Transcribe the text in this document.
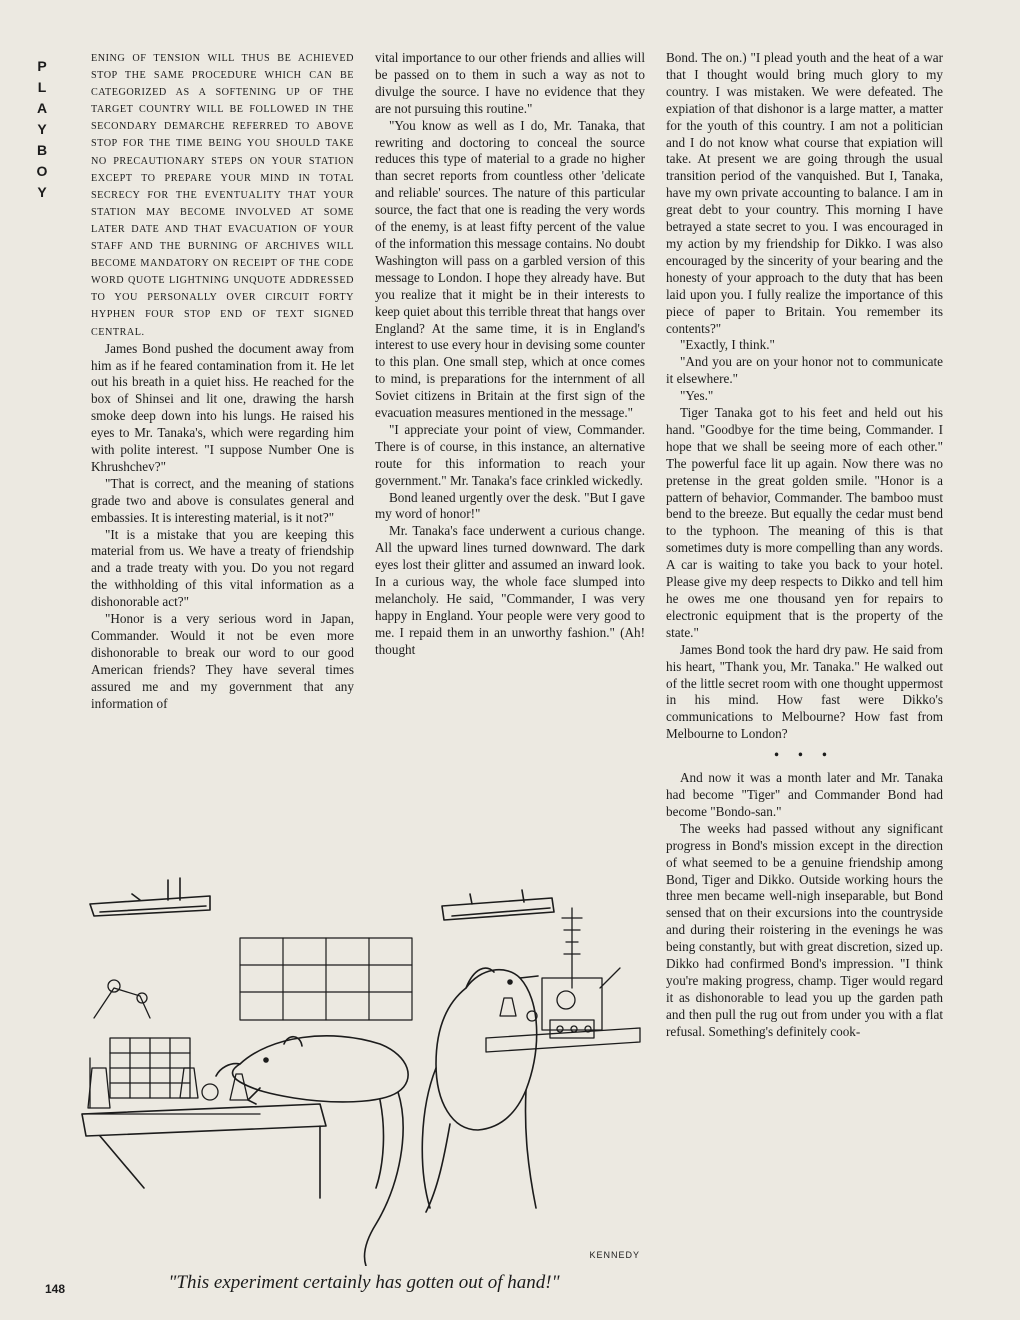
P
L
A
Y
B
O
Y

ENING OF TENSION WILL THUS BE ACHIEVED STOP THE SAME PROCEDURE WHICH CAN BE CATEGORIZED AS A SOFTENING UP OF THE TARGET COUNTRY WILL BE FOLLOWED IN THE SECONDARY DEMARCHE REFERRED TO ABOVE STOP FOR THE TIME BEING YOU SHOULD TAKE NO PRECAUTIONARY STEPS ON YOUR STATION EXCEPT TO PREPARE YOUR MIND IN TOTAL SECRECY FOR THE EVENTUALITY THAT YOUR STATION MAY BECOME INVOLVED AT SOME LATER DATE AND THAT EVACUATION OF YOUR STAFF AND THE BURNING OF ARCHIVES WILL BECOME MANDATORY ON RECEIPT OF THE CODE WORD QUOTE LIGHTNING UNQUOTE ADDRESSED TO YOU PERSONALLY OVER CIRCUIT FORTY HYPHEN FOUR STOP END OF TEXT SIGNED CENTRAL.

James Bond pushed the document away from him as if he feared contamination from it. He let out his breath in a quiet hiss. He reached for the box of Shinsei and lit one, drawing the harsh smoke deep down into his lungs. He raised his eyes to Mr. Tanaka's, which were regarding him with polite interest. "I suppose Number One is Khrushchev?"

"That is correct, and the meaning of stations grade two and above is consulates general and embassies. It is interesting material, is it not?"

"It is a mistake that you are keeping this material from us. We have a treaty of friendship and a trade treaty with you. Do you not regard the withholding of this vital information as a dishonorable act?"

"Honor is a very serious word in Japan, Commander. Would it not be even more dishonorable to break our word to our good American friends? They have several times assured me and my government that any information of

vital importance to our other friends and allies will be passed on to them in such a way as not to divulge the source. I have no evidence that they are not pursuing this routine."

"You know as well as I do, Mr. Tanaka, that rewriting and doctoring to conceal the source reduces this type of material to a grade no higher than secret reports from countless other 'delicate and reliable' sources. The nature of this particular source, the fact that one is reading the very words of the enemy, is at least fifty percent of the value of the information this message contains. No doubt Washington will pass on a garbled version of this message to London. I hope they already have. But you realize that it might be in their interests to keep quiet about this terrible threat that hangs over England? At the same time, it is in England's interest to use every hour in devising some counter to this plan. One small step, which at once comes to mind, is preparations for the internment of all Soviet citizens in Britain at the first sign of the evacuation measures mentioned in the message."

"I appreciate your point of view, Commander. There is of course, in this instance, an alternative route for this information to reach your government." Mr. Tanaka's face crinkled wickedly.

Bond leaned urgently over the desk. "But I gave my word of honor!"

Mr. Tanaka's face underwent a curious change. All the upward lines turned downward. The dark eyes lost their glitter and assumed an inward look. In a curious way, the whole face slumped into melancholy. He said, "Commander, I was very happy in England. Your people were very good to me. I repaid them in an unworthy fashion." (Ah! thought

Bond. The on.) "I plead youth and the heat of a war that I thought would bring much glory to my country. I was mistaken. We were defeated. The expiation of that dishonor is a large matter, a matter for the youth of this country. I am not a politician and I do not know what course that expiation will take. At present we are going through the usual transition period of the vanquished. But I, Tanaka, have my own private accounting to balance. I am in great debt to your country. This morning I have betrayed a state secret to you. I was encouraged in my action by my friendship for Dikko. I was also encouraged by the sincerity of your bearing and the honesty of your approach to the duty that has been laid upon you. I fully realize the importance of this piece of paper to Britain. You remember its contents?"

"Exactly, I think."

"And you are on your honor not to communicate it elsewhere."

"Yes."

Tiger Tanaka got to his feet and held out his hand. "Goodbye for the time being, Commander. I hope that we shall be seeing more of each other." The powerful face lit up again. Now there was no pretense in the great golden smile. "Honor is a pattern of behavior, Commander. The bamboo must bend to the breeze. But equally the cedar must bend to the typhoon. The meaning of this is that sometimes duty is more compelling than any words. A car is waiting to take you back to your hotel. Please give my deep respects to Dikko and tell him he owes me one thousand yen for repairs to electronic equipment that is the property of the state."

James Bond took the hard dry paw. He said from his heart, "Thank you, Mr. Tanaka." He walked out of the little secret room with one thought uppermost in his mind. How fast were Dikko's communications to Melbourne? How fast from Melbourne to London?

• • •

And now it was a month later and Mr. Tanaka had become "Tiger" and Commander Bond had become "Bondo-san."

The weeks had passed without any significant progress in Bond's mission except in the direction of what seemed to be a genuine friendship among Bond, Tiger and Dikko. Outside working hours the three men became well-nigh inseparable, but Bond sensed that on their excursions into the countryside and during their roistering in the evenings he was being constantly, but with great discretion, sized up. Dikko had confirmed Bond's impression. "I think you're making progress, champ. Tiger would regard it as dishonorable to lead you up the garden path and then pull the rug out from under you with a flat refusal. Something's definitely cook-

KENNEDY
"This experiment certainly has gotten out of hand!"
148
